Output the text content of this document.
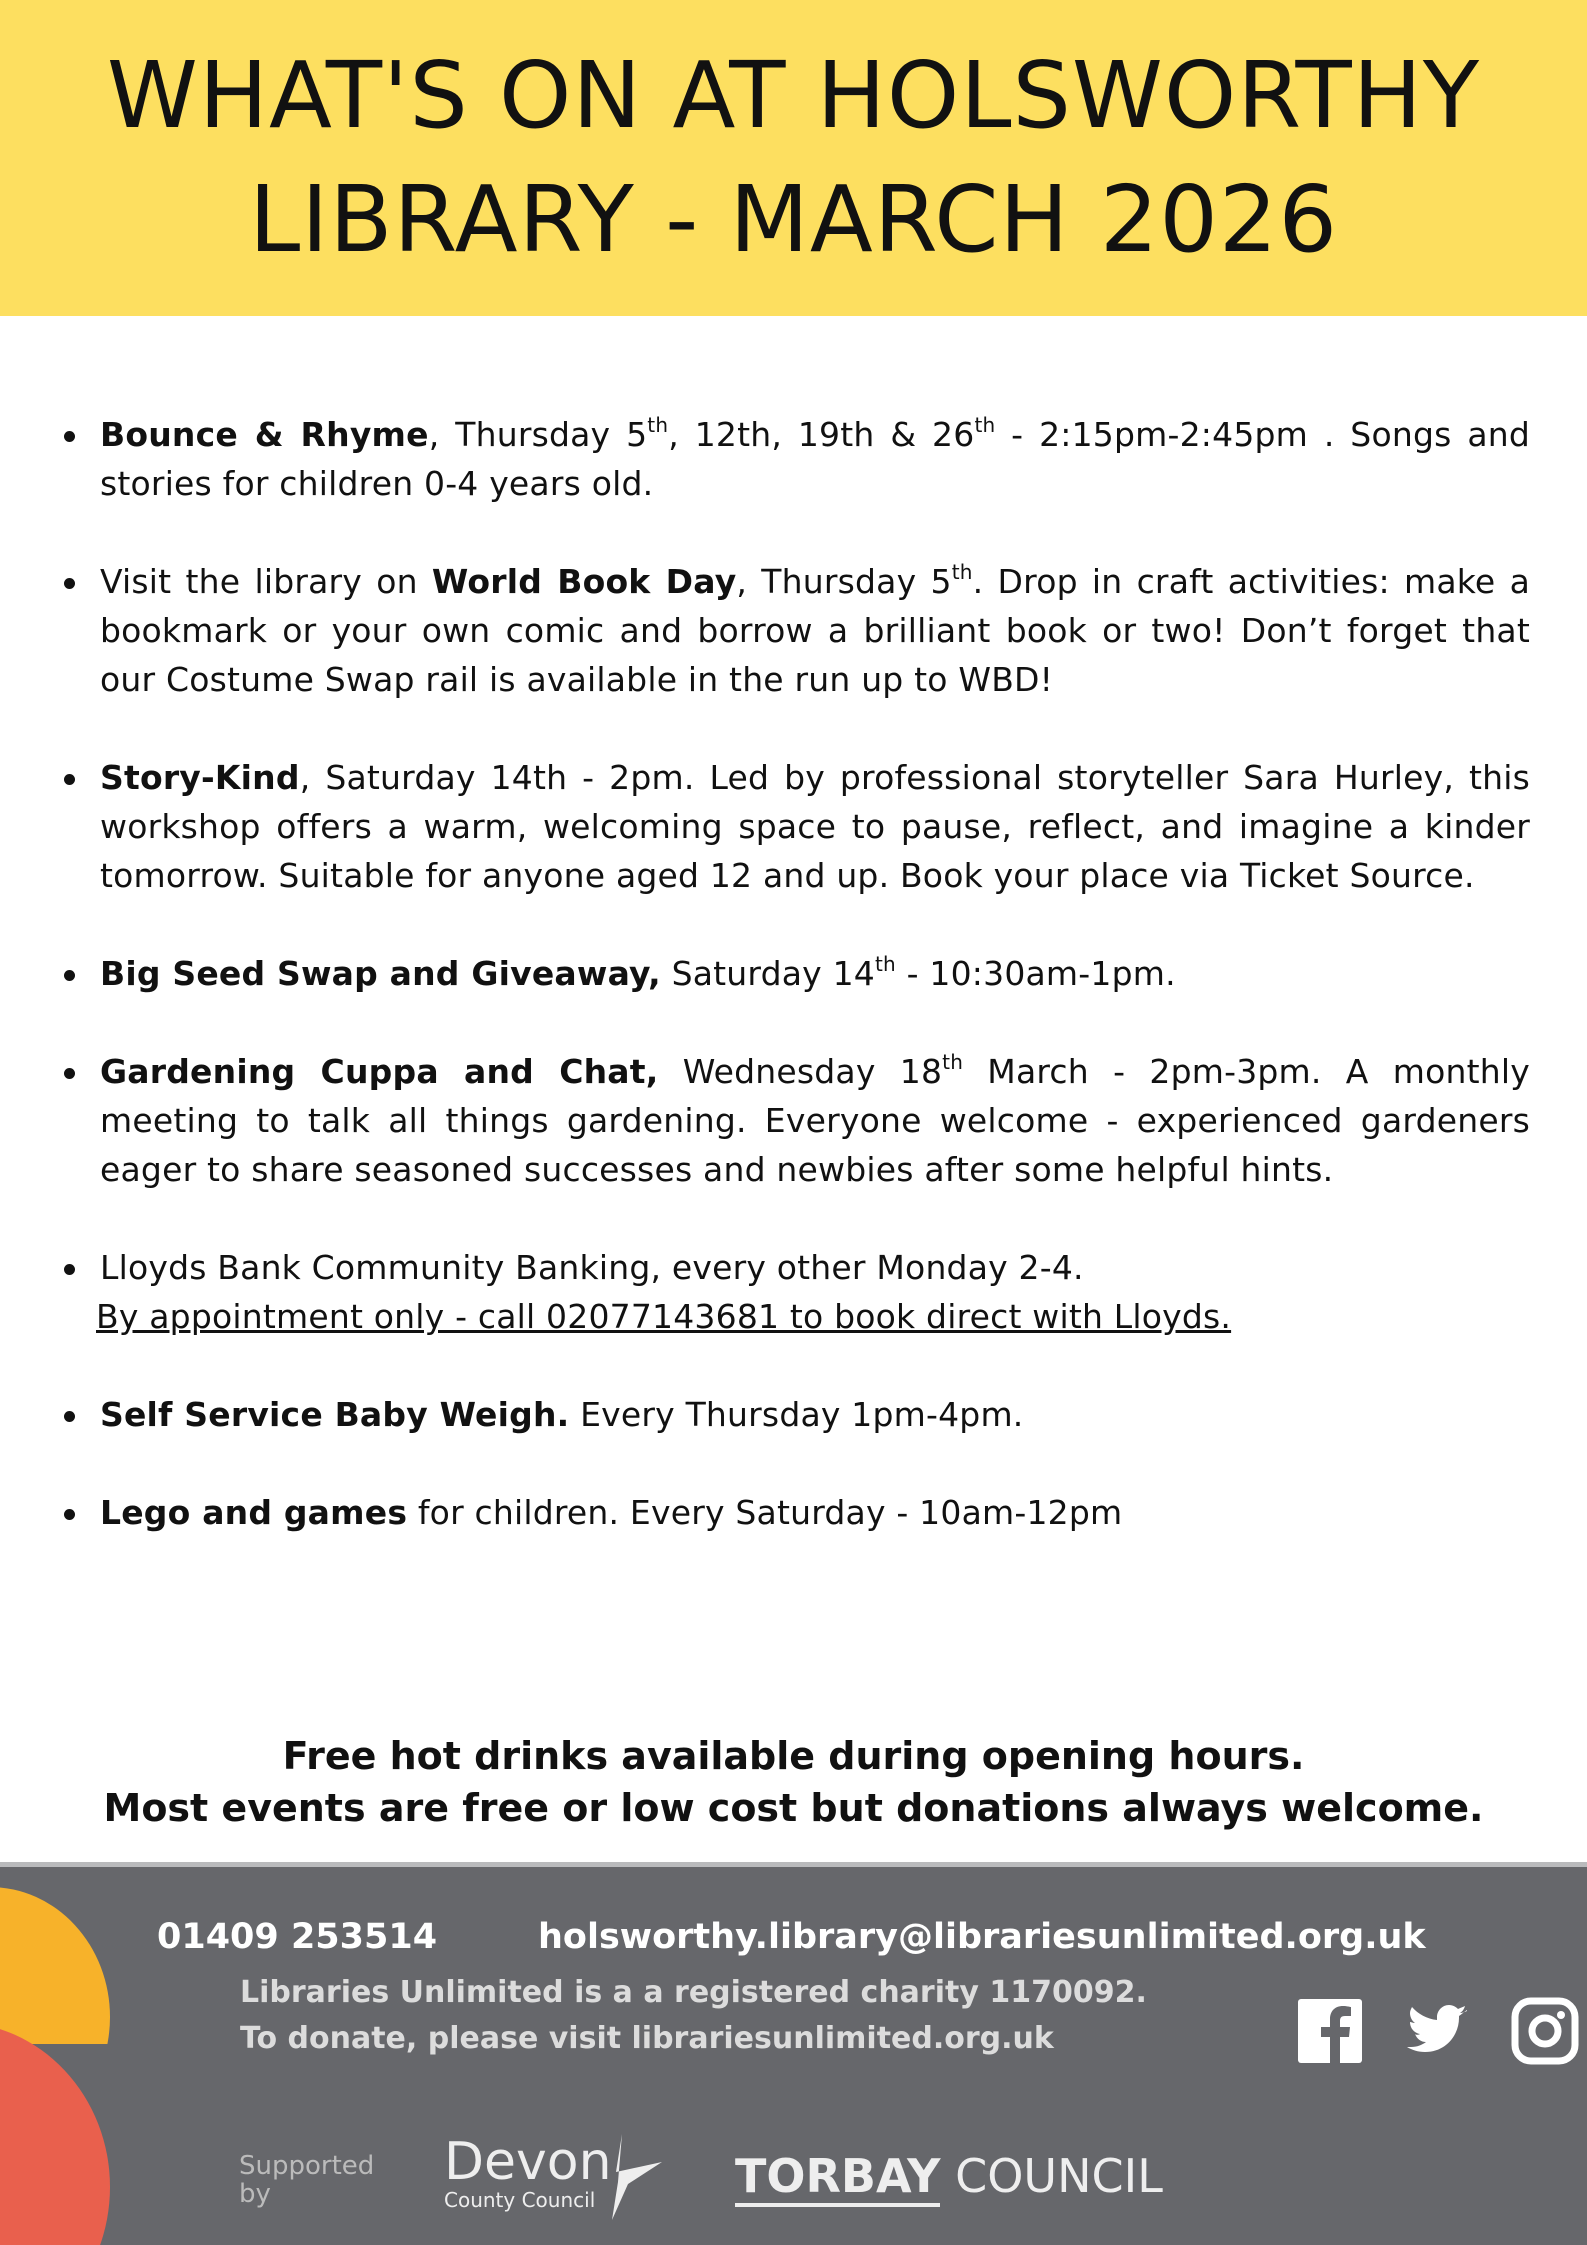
WHAT'S ON AT HOLSWORTHY
LIBRARY - MARCH 2026
Bounce & Rhyme, Thursday 5th, 12th, 19th & 26th - 2:15pm-2:45pm . Songs and stories for children 0-4 years old.
Visit the library on World Book Day, Thursday 5th. Drop in craft activities: make a bookmark or your own comic and borrow a brilliant book or two! Don’t forget that our Costume Swap rail is available in the run up to WBD!
Story-Kind, Saturday 14th - 2pm. Led by professional storyteller Sara Hurley, this workshop offers a warm, welcoming space to pause, reflect, and imagine a kinder tomorrow. Suitable for anyone aged 12 and up. Book your place via Ticket Source.
Big Seed Swap and Giveaway, Saturday 14th - 10:30am-1pm.
Gardening Cuppa and Chat, Wednesday 18th March - 2pm-3pm. A monthly meeting to talk all things gardening. Everyone welcome - experienced gardeners eager to share seasoned successes and newbies after some helpful hints.
Lloyds Bank Community Banking, every other Monday 2-4.
By appointment only - call 02077143681 to book direct with Lloyds.
Self Service Baby Weigh. Every Thursday 1pm-4pm.
Lego and games for children. Every Saturday - 10am-12pm
Free hot drinks available during opening hours.
Most events are free or low cost but donations always welcome.
01409 253514	holsworthy.library@librariesunlimited.org.uk
Libraries Unlimited is a a registered charity 1170092.
To donate, please visit librariesunlimited.org.uk
Supported by
Devon
County Council	TORBAY COUNCIL
